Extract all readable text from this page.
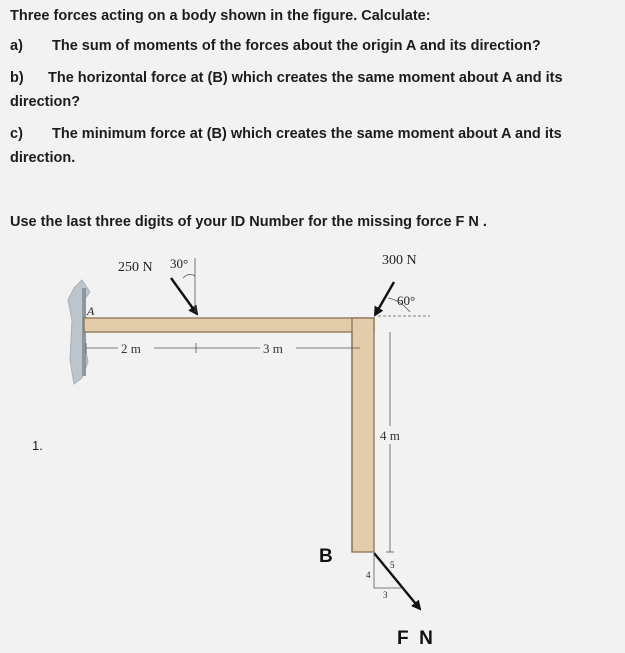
Three forces acting on a body shown in the figure. Calculate:
a) The sum of moments of the forces about the origin A and its direction?
b) The horizontal force at (B) which creates the same moment about A and its
direction?
c) The minimum force at (B) which creates the same moment about A and its
direction.
Use the last three digits of your ID Number for the missing force F N .
1.
2 m	3 m
4 m
A
250 N 30°	300 N
60°
B
4
5
3
F  N
